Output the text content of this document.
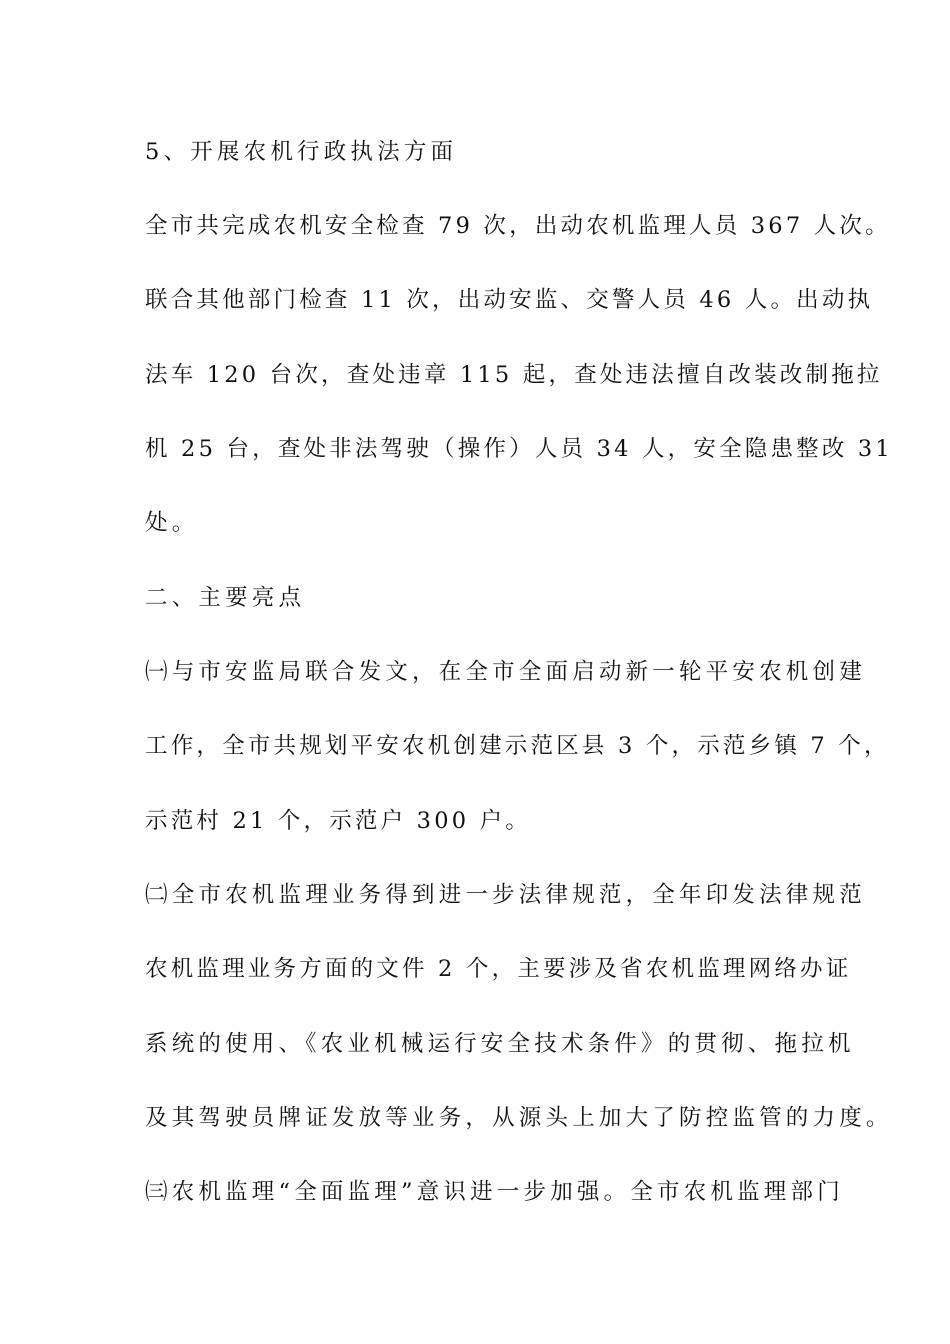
5、开展农机行政执法方面
全市共完成农机安全检查 79 次，出动农机监理人员 367 人次。
联合其他部门检查 11 次，出动安监、交警人员 46 人。出动执
法车 120 台次，查处违章 115 起，查处违法擅自改装改制拖拉
机 25 台，查处非法驾驶（操作）人员 34 人，安全隐患整改 31
处。
二、主要亮点
㈠与市安监局联合发文，在全市全面启动新一轮平安农机创建
工作，全市共规划平安农机创建示范区县 3 个，示范乡镇 7 个，
示范村 21 个，示范户 300 户。
㈡全市农机监理业务得到进一步法律规范，全年印发法律规范
农机监理业务方面的文件 2 个，主要涉及省农机监理网络办证
系统的使用、《农业机械运行安全技术条件》的贯彻、拖拉机
及其驾驶员牌证发放等业务，从源头上加大了防控监管的力度。
㈢农机监理“全面监理”意识进一步加强。全市农机监理部门
